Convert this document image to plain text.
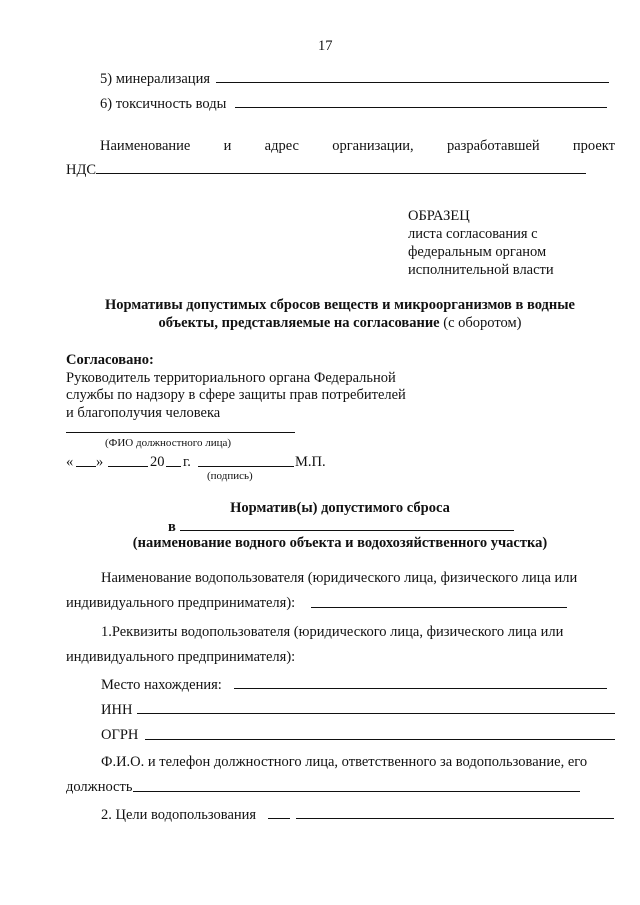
17
5) минерализация
6) токсичность воды
Наименование и адрес организации, разработавшей проект
НДС
ОБРАЗЕЦ
листа согласования с
федеральным органом
исполнительной власти
Нормативы допустимых сбросов веществ и микроорганизмов в водные
объекты, представляемые на согласование (с оборотом)
Согласовано:
Руководитель территориального органа Федеральной
службы по надзору в сфере защиты прав потребителей
и благополучия человека
(ФИО должностного лица)
« »	20 г.	М.П.
(подпись)
Норматив(ы) допустимого сброса
в
(наименование водного объекта и водохозяйственного участка)
Наименование водопользователя (юридического лица, физического лица или
индивидуального предпринимателя):
1.Реквизиты водопользователя (юридического лица, физического лица или
индивидуального предпринимателя):
Место нахождения:
ИНН
ОГРН
Ф.И.О. и телефон должностного лица, ответственного за водопользование, его
должность
2. Цели водопользования
